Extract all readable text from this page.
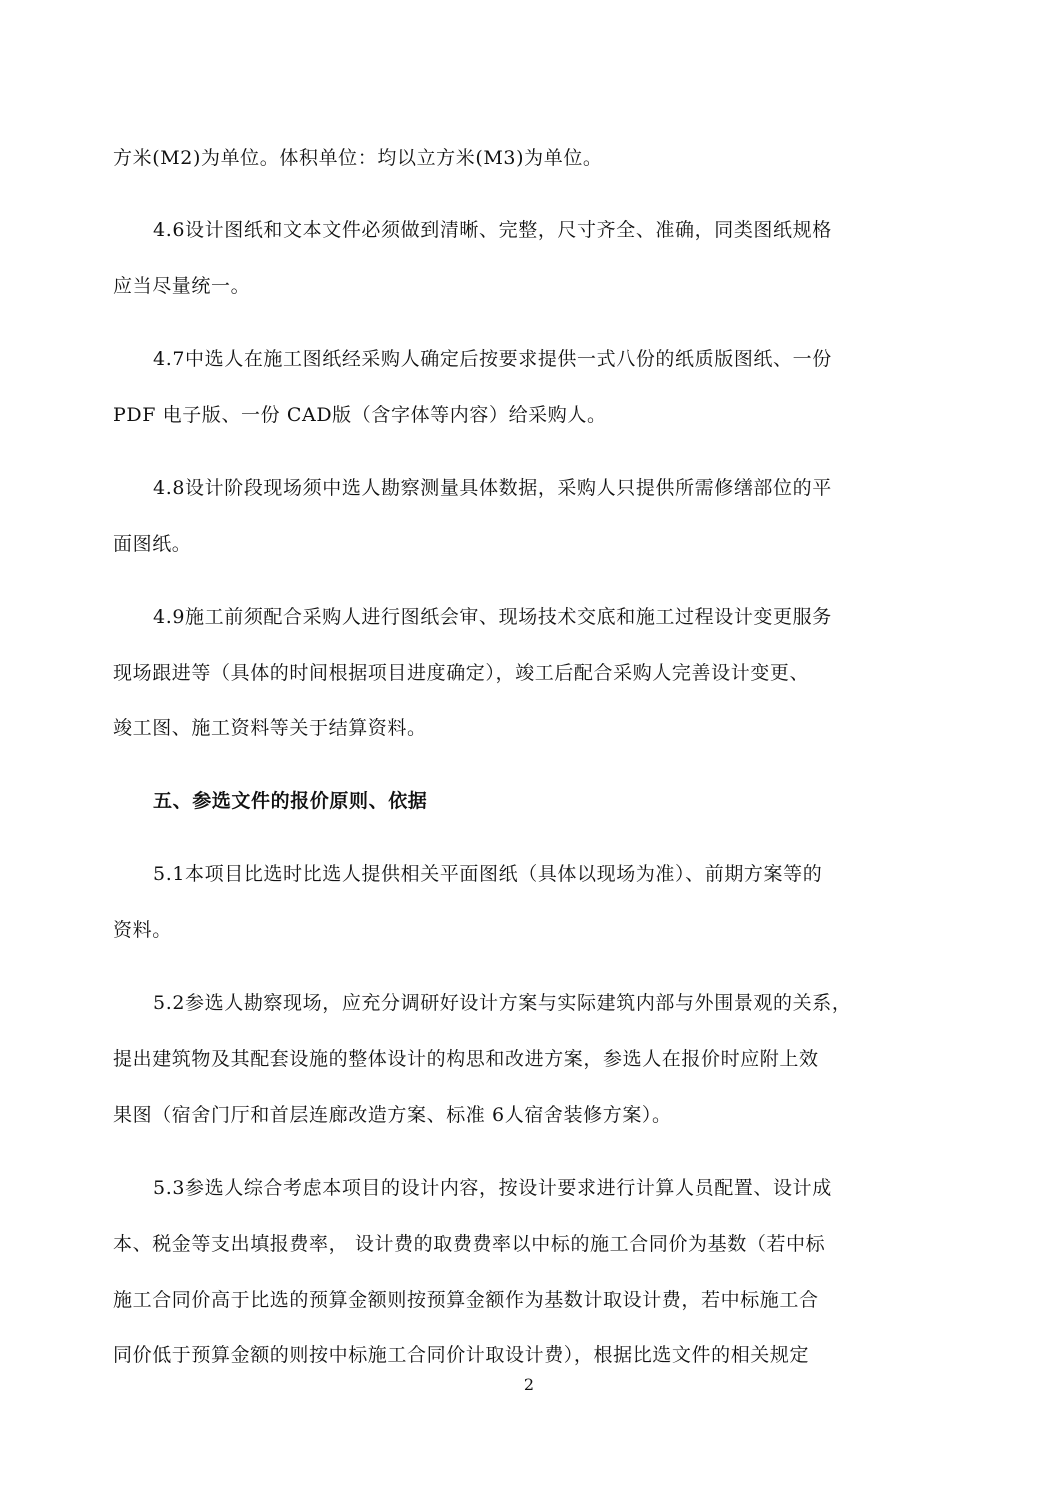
方米(M2)为单位。体积单位：均以立方米(M3)为单位。
4.6设计图纸和文本文件必须做到清晰、完整，尺寸齐全、准确，同类图纸规格
应当尽量统一。
4.7中选人在施工图纸经采购人确定后按要求提供一式八份的纸质版图纸、一份
PDF 电子版、一份 CAD版（含字体等内容）给采购人。
4.8设计阶段现场须中选人勘察测量具体数据，采购人只提供所需修缮部位的平
面图纸。
4.9施工前须配合采购人进行图纸会审、现场技术交底和施工过程设计变更服务
现场跟进等（具体的时间根据项目进度确定），竣工后配合采购人完善设计变更、
竣工图、施工资料等关于结算资料。
五、参选文件的报价原则、依据
5.1本项目比选时比选人提供相关平面图纸（具体以现场为准）、前期方案等的
资料。
5.2参选人勘察现场，应充分调研好设计方案与实际建筑内部与外围景观的关系，
提出建筑物及其配套设施的整体设计的构思和改进方案，参选人在报价时应附上效
果图（宿舍门厅和首层连廊改造方案、标准 6人宿舍装修方案）。
5.3参选人综合考虑本项目的设计内容，按设计要求进行计算人员配置、设计成
本、税金等支出填报费率， 设计费的取费费率以中标的施工合同价为基数（若中标
施工合同价高于比选的预算金额则按预算金额作为基数计取设计费，若中标施工合
同价低于预算金额的则按中标施工合同价计取设计费），根据比选文件的相关规定
2
